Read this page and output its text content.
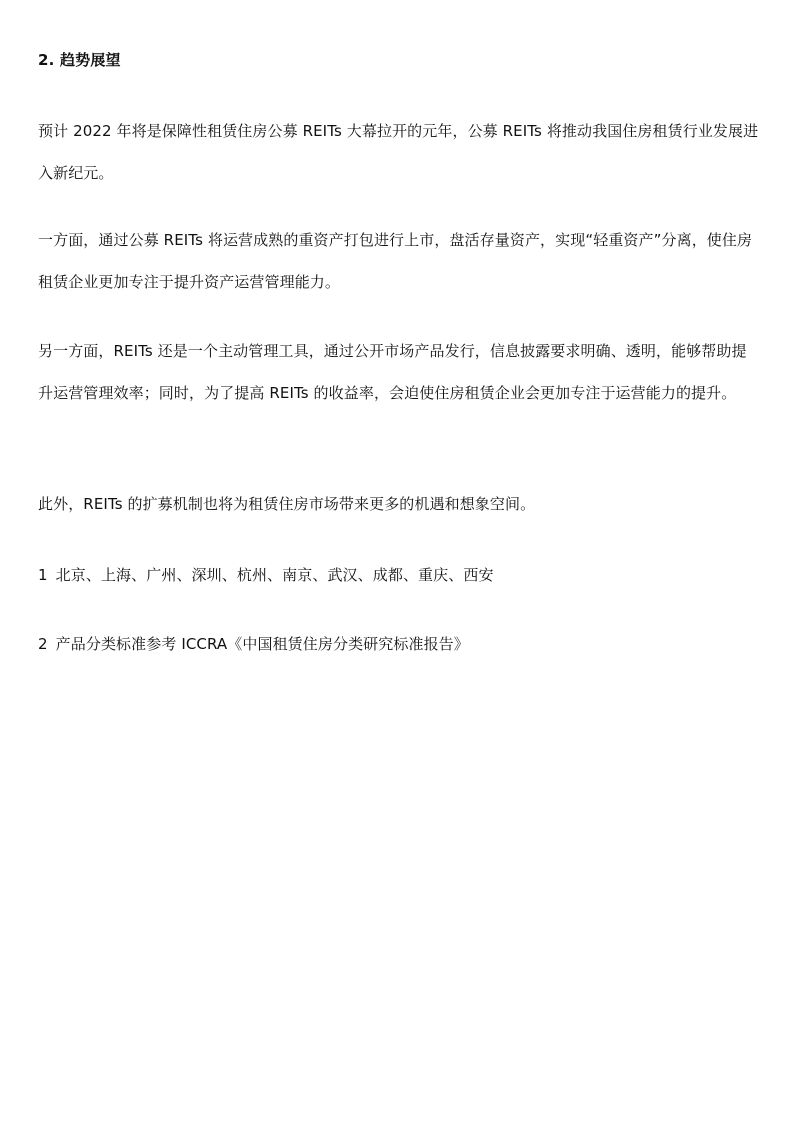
2. 趋势展望

预计 2022 年将是保障性租赁住房公募 REITs 大幕拉开的元年，公募 REITs 将推动我国住房租赁行业发展进入新纪元。

一方面，通过公募 REITs 将运营成熟的重资产打包进行上市，盘活存量资产，实现“轻重资产”分离，使住房租赁企业更加专注于提升资产运营管理能力。

另一方面，REITs 还是一个主动管理工具，通过公开市场产品发行，信息披露要求明确、透明，能够帮助提升运营管理效率；同时，为了提高 REITs 的收益率，会迫使住房租赁企业会更加专注于运营能力的提升。

此外，REITs 的扩募机制也将为租赁住房市场带来更多的机遇和想象空间。

1 北京、上海、广州、深圳、杭州、南京、武汉、成都、重庆、西安
2 产品分类标准参考 ICCRA《中国租赁住房分类研究标准报告》
